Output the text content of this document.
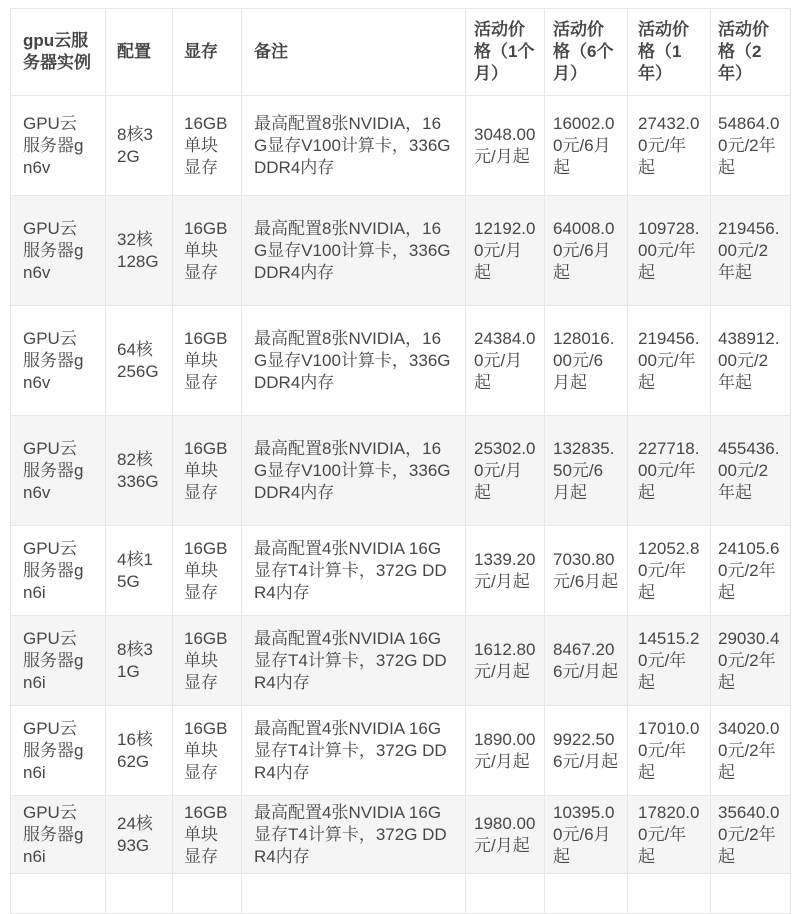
gpu云服务器实例	配置	显存	备注	活动价格（1个月）	活动价格（6个月）	活动价格（1年）	活动价格（2年）
GPU云服务器gn6v	8核32G	16GB单块显存	最高配置8张NVIDIA，16G显存V100计算卡，336G DDR4内存	3048.00元/月起	16002.00元/6月起	27432.00元/年起	54864.00元/2年起
GPU云服务器gn6v	32核128G	16GB单块显存	最高配置8张NVIDIA，16G显存V100计算卡，336G DDR4内存	12192.00元/月起	64008.00元/6月起	109728.00元/年起	219456.00元/2年起
GPU云服务器gn6v	64核256G	16GB单块显存	最高配置8张NVIDIA，16G显存V100计算卡，336G DDR4内存	24384.00元/月起	128016.00元/6月起	219456.00元/年起	438912.00元/2年起
GPU云服务器gn6v	82核336G	16GB单块显存	最高配置8张NVIDIA，16G显存V100计算卡，336G DDR4内存	25302.00元/月起	132835.50元/6月起	227718.00元/年起	455436.00元/2年起
GPU云服务器gn6i	4核15G	16GB单块显存	最高配置4张NVIDIA 16G显存T4计算卡，372G DDR4内存	1339.20元/月起	7030.80元/6月起	12052.80元/年起	24105.60元/2年起
GPU云服务器gn6i	8核31G	16GB单块显存	最高配置4张NVIDIA 16G显存T4计算卡，372G DDR4内存	1612.80元/月起	8467.206元/月起	14515.20元/年起	29030.40元/2年起
GPU云服务器gn6i	16核62G	16GB单块显存	最高配置4张NVIDIA 16G显存T4计算卡，372G DDR4内存	1890.00元/月起	9922.506元/月起	17010.00元/年起	34020.00元/2年起
GPU云服务器gn6i	24核93G	16GB单块显存	最高配置4张NVIDIA 16G显存T4计算卡，372G DDR4内存	1980.00元/月起	10395.00元/6月起	17820.00元/年起	35640.00元/2年起
